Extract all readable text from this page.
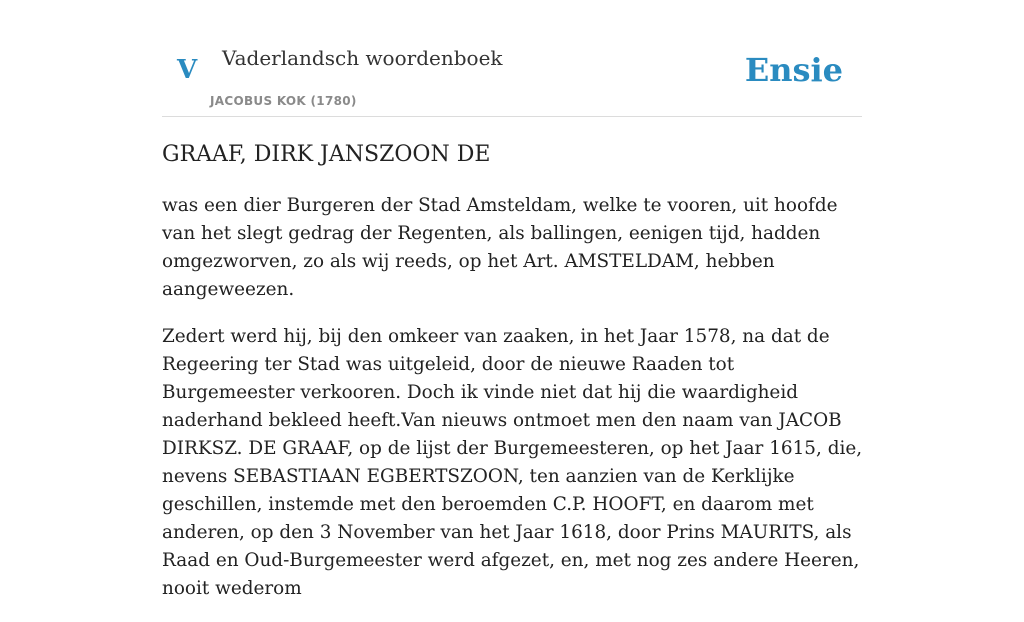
V Vaderlandsch woordenboek
JACOBUS KOK (1780)
Ensie
GRAAF, DIRK JANSZOON DE

was een dier Burgeren der Stad Amsteldam, welke te vooren, uit hoofde van het slegt gedrag der Regenten, als ballingen, eenigen tijd, hadden omgezworven, zo als wij reeds, op het Art. AMSTELDAM, hebben aangeweezen.

Zedert werd hij, bij den omkeer van zaaken, in het Jaar 1578, na dat de Regeering ter Stad was uitgeleid, door de nieuwe Raaden tot Burgemeester verkooren. Doch ik vinde niet dat hij die waardigheid naderhand bekleed heeft.Van nieuws ontmoet men den naam van JACOB DIRKSZ. DE GRAAF, op de lijst der Burgemeesteren, op het Jaar 1615, die, nevens SEBASTIAAN EGBERTSZOON, ten aanzien van de Kerklijke geschillen, instemde met den beroemden C.P. HOOFT, en daarom met anderen, op den 3 November van het Jaar 1618, door Prins MAURITS, als Raad en Oud-Burgemeester werd afgezet, en, met nog zes andere Heeren, nooit wederom
